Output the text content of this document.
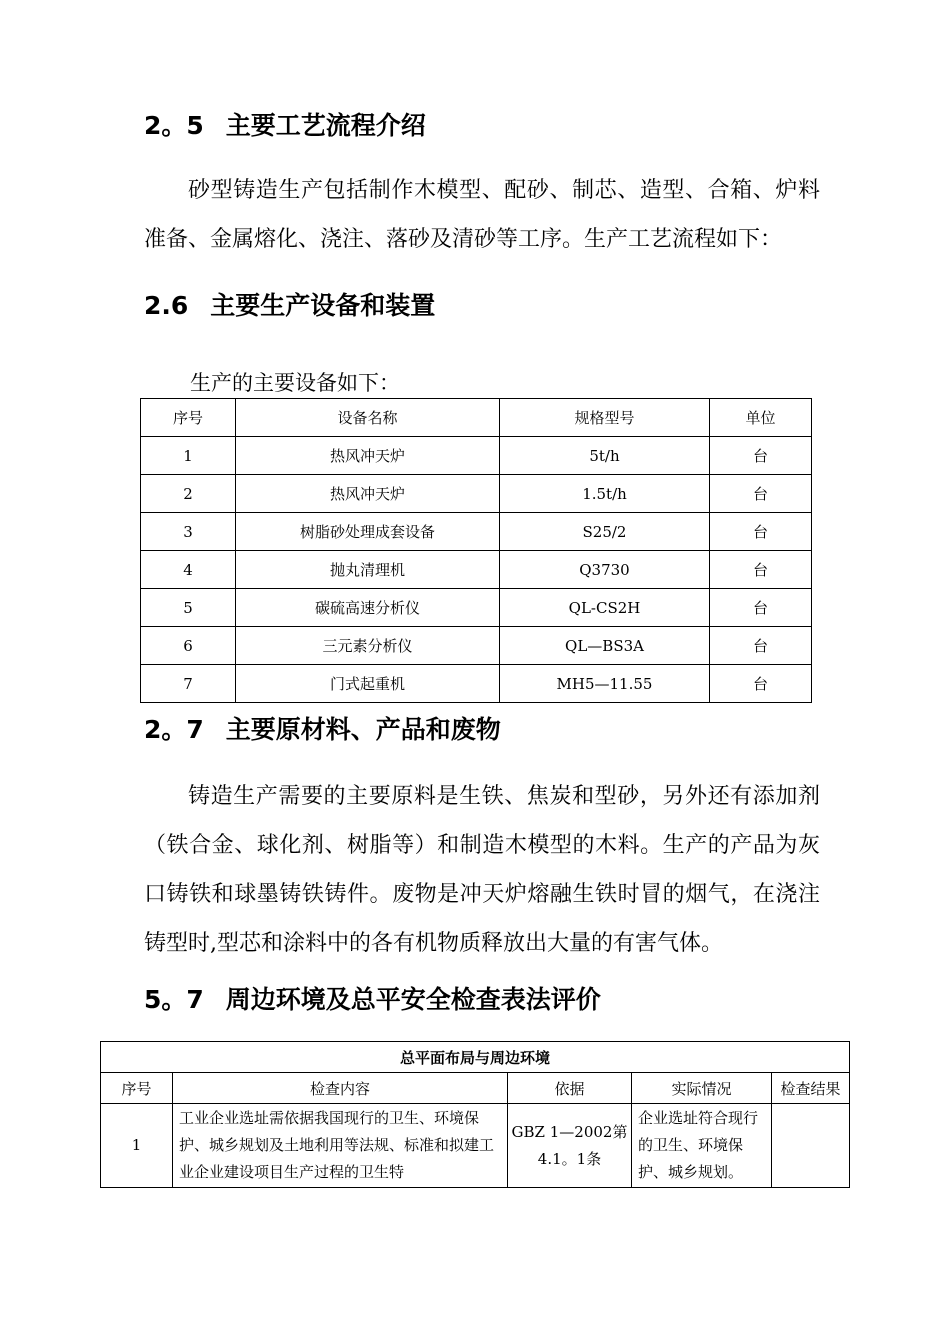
2。5 主要工艺流程介绍

砂型铸造生产包括制作木模型、配砂、制芯、造型、合箱、炉料准备、金属熔化、浇注、落砂及清砂等工序。生产工艺流程如下：

2.6 主要生产设备和装置

生产的主要设备如下：

序号	设备名称	规格型号	单位
1	热风冲天炉	5t/h	台
2	热风冲天炉	1.5t/h	台
3	树脂砂处理成套设备	S25/2	台
4	抛丸清理机	Q3730	台
5	碳硫高速分析仪	QL-CS2H	台
6	三元素分析仪	QL—BS3A	台
7	门式起重机	MH5—11.55	台
2。7 主要原材料、产品和废物

铸造生产需要的主要原料是生铁、焦炭和型砂，另外还有添加剂（铁合金、球化剂、树脂等）和制造木模型的木料。生产的产品为灰口铸铁和球墨铸铁铸件。废物是冲天炉熔融生铁时冒的烟气，在浇注铸型时,型芯和涂料中的各有机物质释放出大量的有害气体。

5。7 周边环境及总平安全检查表法评价
总平面布局与周边环境				
序号	检查内容	依据	实际情况	检查结果
1	工业企业选址需依据我国现行的卫生、环境保护、城乡规划及土地利用等法规、标准和拟建工业企业建设项目生产过程的卫生特	GBZ 1—2002第4.1。1条	企业选址符合现行的卫生、环境保护、城乡规划。	
